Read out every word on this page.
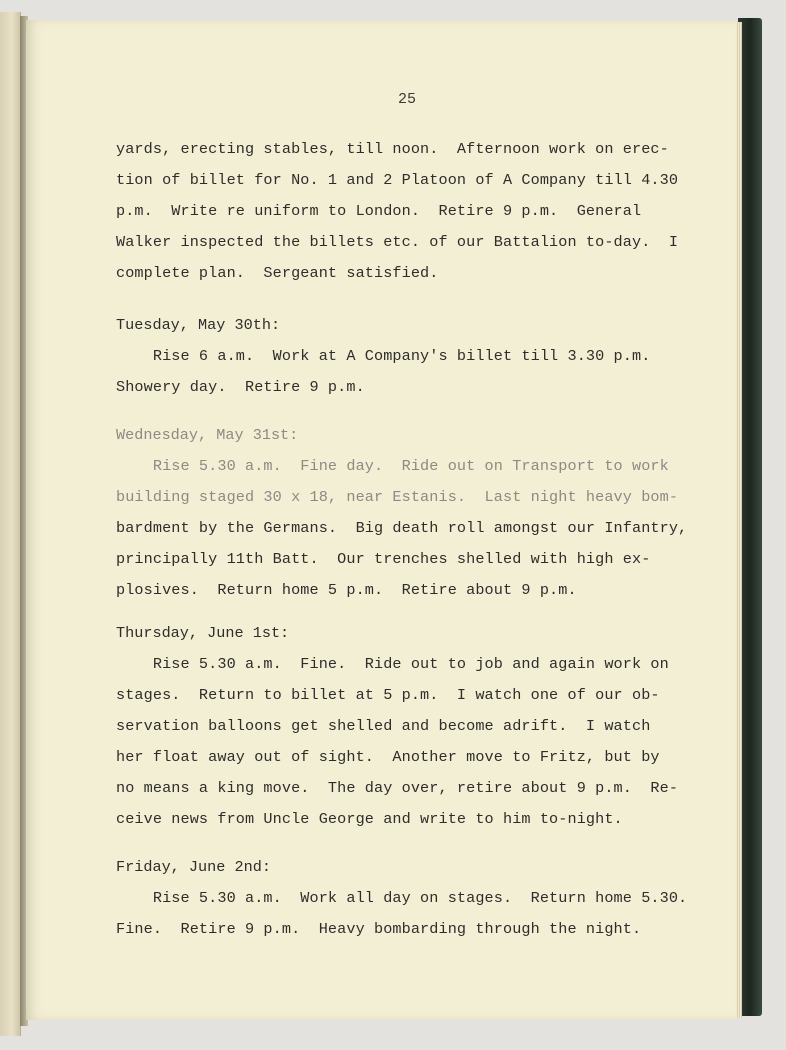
25
yards, erecting stables, till noon.  Afternoon work on erec-
tion of billet for No. 1 and 2 Platoon of A Company till 4.30
p.m.  Write re uniform to London.  Retire 9 p.m.  General
Walker inspected the billets etc. of our Battalion to-day.  I
complete plan.  Sergeant satisfied.
Tuesday, May 30th:
Rise 6 a.m.  Work at A Company's billet till 3.30 p.m.
Showery day.  Retire 9 p.m.
Wednesday, May 31st:
Rise 5.30 a.m.  Fine day.  Ride out on Transport to work
building staged 30 x 18, near Estanis.  Last night heavy bom-
bardment by the Germans.  Big death roll amongst our Infantry,
principally 11th Batt.  Our trenches shelled with high ex-
plosives.  Return home 5 p.m.  Retire about 9 p.m.
Thursday, June 1st:
Rise 5.30 a.m.  Fine.  Ride out to job and again work on
stages.  Return to billet at 5 p.m.  I watch one of our ob-
servation balloons get shelled and become adrift.  I watch
her float away out of sight.  Another move to Fritz, but by
no means a king move.  The day over, retire about 9 p.m.  Re-
ceive news from Uncle George and write to him to-night.
Friday, June 2nd:
Rise 5.30 a.m.  Work all day on stages.  Return home 5.30.
Fine.  Retire 9 p.m.  Heavy bombarding through the night.
